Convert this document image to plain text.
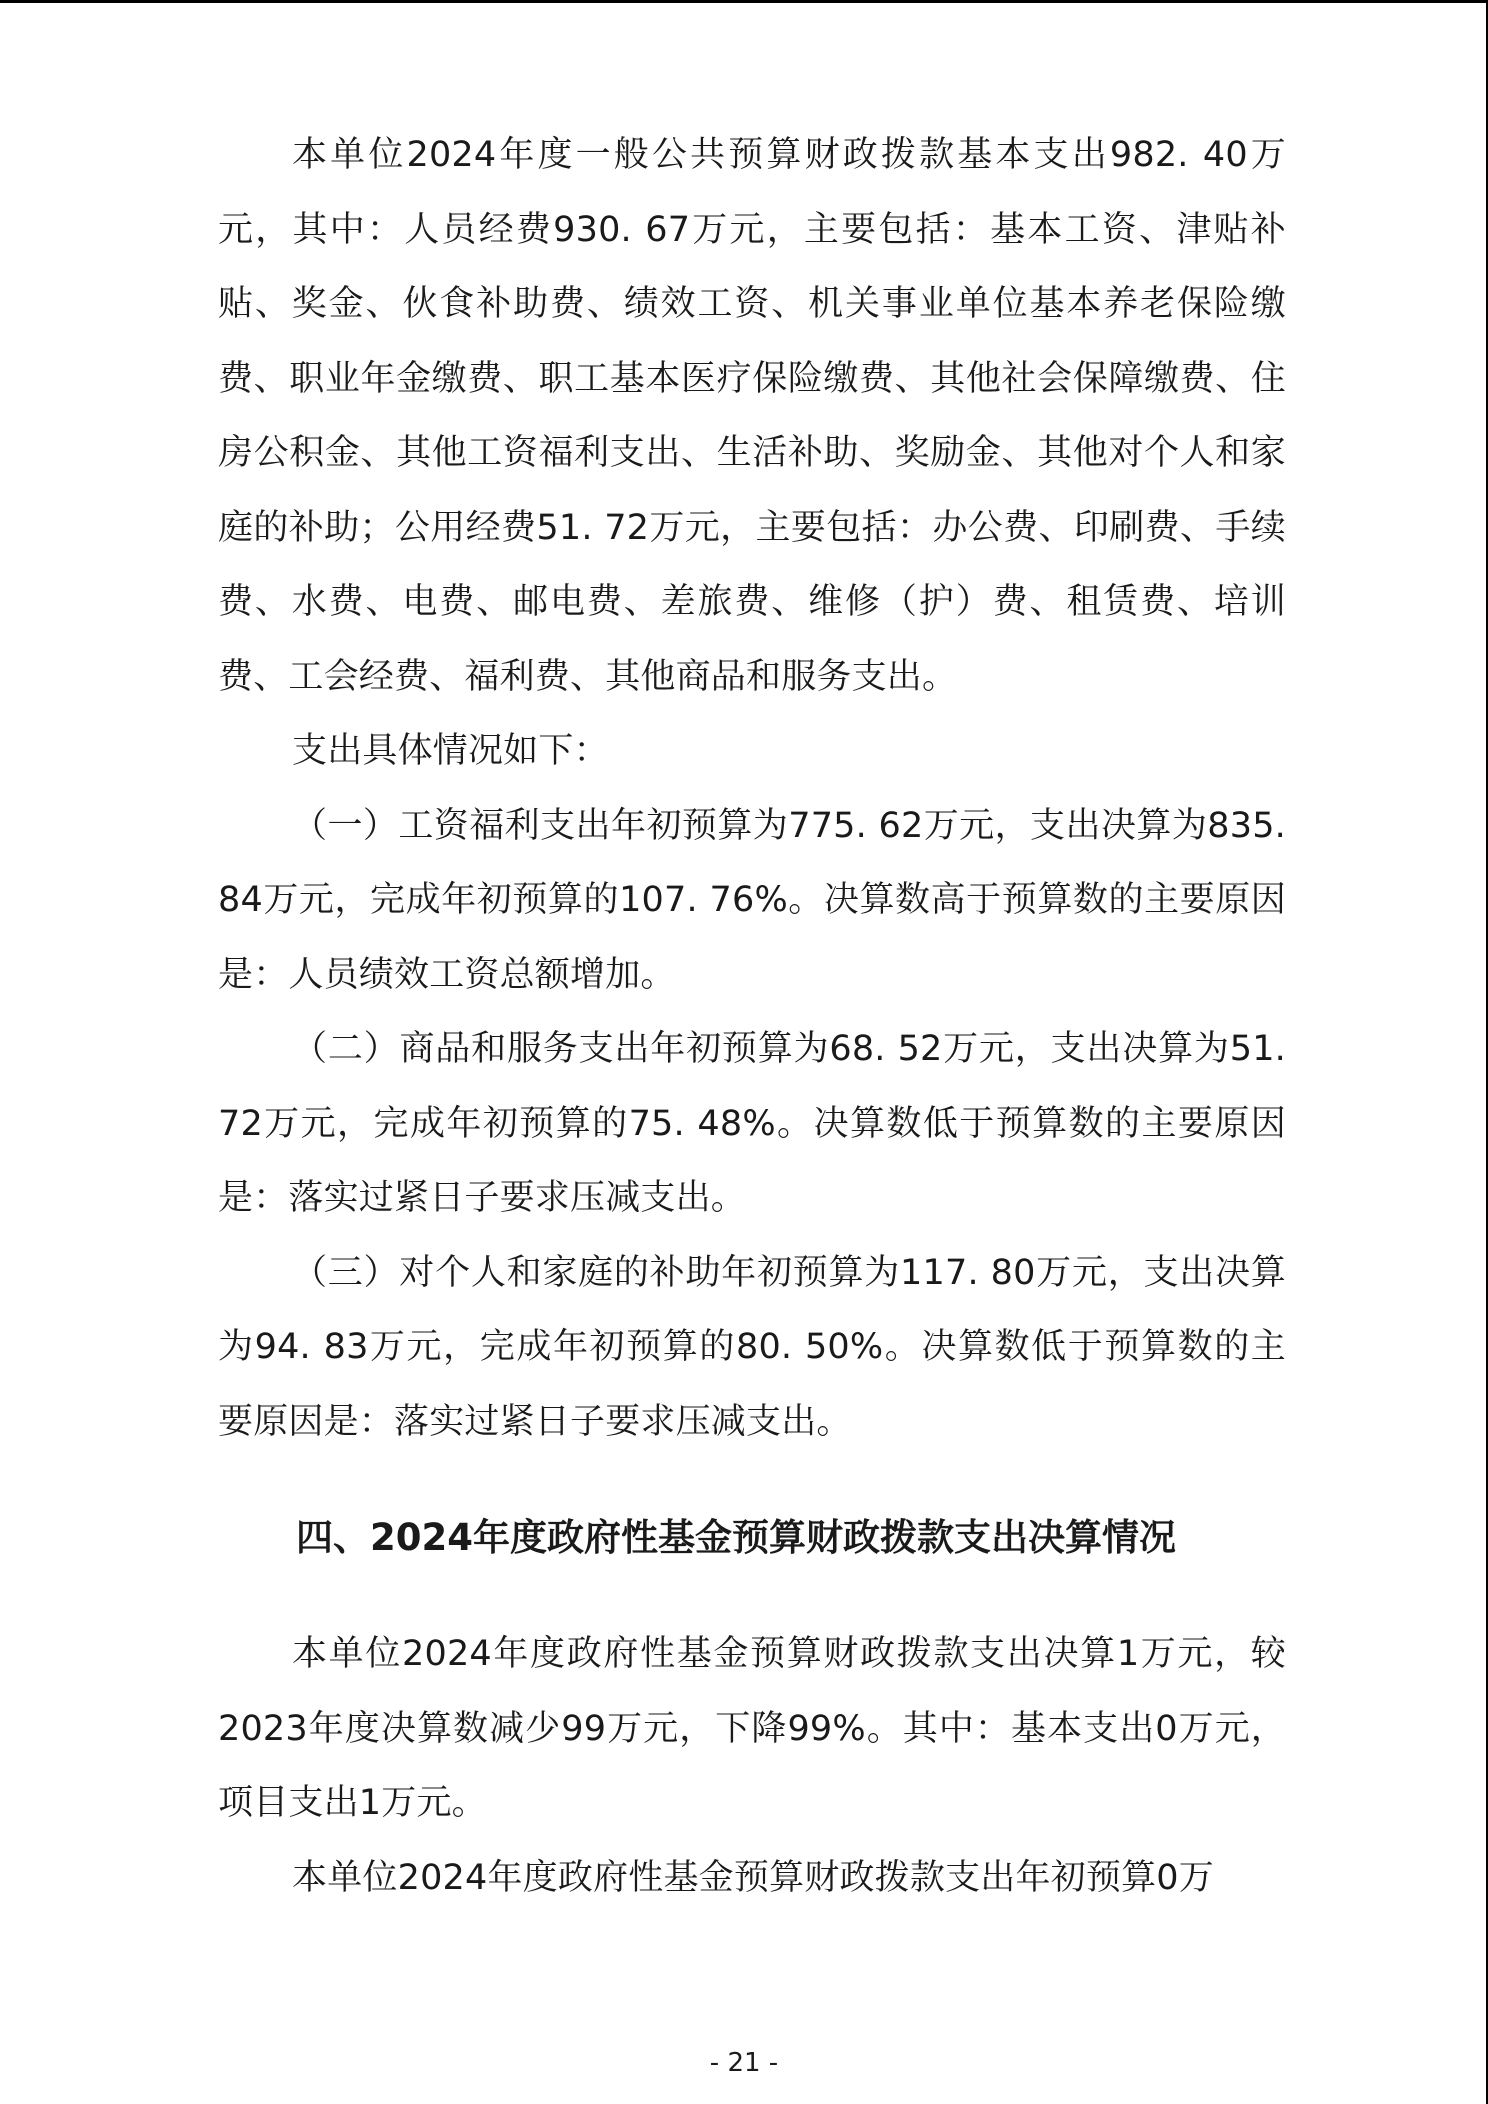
本单位2024年度一般公共预算财政拨款基本支出982. 40万元，其中：人员经费930. 67万元，主要包括：基本工资、津贴补贴、奖金、伙食补助费、绩效工资、机关事业单位基本养老保险缴费、职业年金缴费、职工基本医疗保险缴费、其他社会保障缴费、住房公积金、其他工资福利支出、生活补助、奖励金、其他对个人和家庭的补助；公用经费51. 72万元，主要包括：办公费、印刷费、手续费、水费、电费、邮电费、差旅费、维修（护）费、租赁费、培训费、工会经费、福利费、其他商品和服务支出。

支出具体情况如下：

（一）工资福利支出年初预算为775. 62万元，支出决算为835. 84万元，完成年初预算的107. 76%。决算数高于预算数的主要原因是：人员绩效工资总额增加。

（二）商品和服务支出年初预算为68. 52万元，支出决算为51. 72万元，完成年初预算的75. 48%。决算数低于预算数的主要原因是：落实过紧日子要求压减支出。

（三）对个人和家庭的补助年初预算为117. 80万元，支出决算为94. 83万元，完成年初预算的80. 50%。决算数低于预算数的主要原因是：落实过紧日子要求压减支出。

四、2024年度政府性基金预算财政拨款支出决算情况

本单位2024年度政府性基金预算财政拨款支出决算1万元，较2023年度决算数减少99万元，下降99%。其中：基本支出0万元，项目支出1万元。

本单位2024年度政府性基金预算财政拨款支出年初预算0万

- 21 -
